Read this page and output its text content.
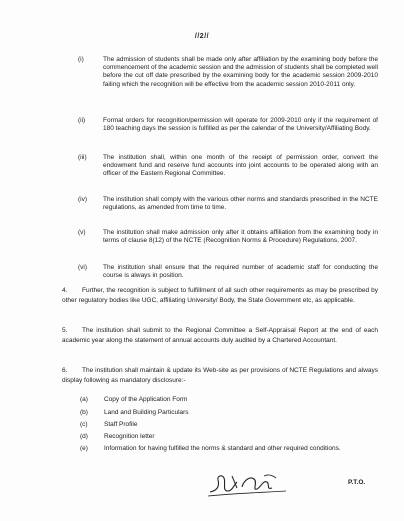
//2//
(i)	The admission of students shall be made only after affiliation by the examining body before the commencement of the academic session and the admission of students shall be completed well before the cut off date prescribed by the examining body for the academic session 2009-2010 failing which the recognition will be effective from the academic session 2010-2011 only.
(ii)	Formal orders for recognition/permission will operate for 2009-2010 only if the requirement of 180 teaching days the session is fulfilled as per the calendar of the University/Affiliating Body.
(iii)	The institution shall, within one month of the receipt of permission order, convert the endowment fund and reserve fund accounts into joint accounts to be operated along with an officer of the Eastern Regional Committee.
(iv)	The institution shall comply with the various other norms and standards prescribed in the NCTE regulations, as amended from time to time.
(v)	The institution shall make admission only after it obtains affiliation from the examining body in terms of clause 8(12) of the NCTE (Recognition Norms & Procedure) Regulations, 2007.
(vi)	The institution shall ensure that the required number of academic staff for conducting the course is always in position.
4. Further, the recognition is subject to fulfillment of all such other requirements as may be prescribed by other regulatory bodies like UGC, affiliating University/ Body, the State Government etc, as applicable.
5. The institution shall submit to the Regional Committee a Self-Appraisal Report at the end of each academic year along the statement of annual accounts duly audited by a Chartered Accountant.
6. The institution shall maintain & update its Web-site as per provisions of NCTE Regulations and always display following as mandatory disclosure:-
(a) Copy of the Application Form
(b) Land and Building Particulars
(c)	Staff Profile
(d) Recognition letter
(e) Information for having fulfilled the norms & standard and other required conditions.
P.T.O.
